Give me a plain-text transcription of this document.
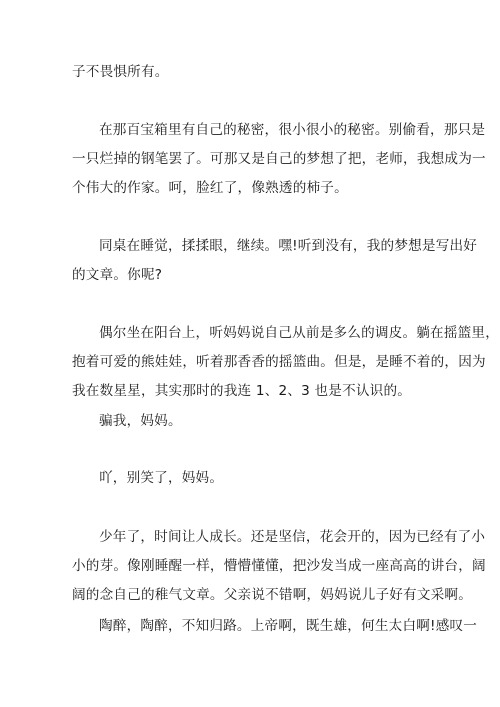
子不畏惧所有。

在那百宝箱里有自己的秘密，很小很小的秘密。别偷看，那只是
一只烂掉的钢笔罢了。可那又是自己的梦想了把，老师，我想成为一
个伟大的作家。呵，脸红了，像熟透的柿子。

同桌在睡觉，揉揉眼，继续。嘿!听到没有，我的梦想是写出好
的文章。你呢?

偶尔坐在阳台上，听妈妈说自己从前是多么的调皮。躺在摇篮里，
抱着可爱的熊娃娃，听着那香香的摇篮曲。但是，是睡不着的，因为
我在数星星，其实那时的我连 1、2、3 也是不认识的。

骗我，妈妈。

吖，别笑了，妈妈。

少年了，时间让人成长。还是坚信，花会开的，因为已经有了小
小的芽。像刚睡醒一样，懵懵懂懂，把沙发当成一座高高的讲台，阔
阔的念自己的稚气文章。父亲说不错啊，妈妈说儿子好有文采啊。

陶醉，陶醉，不知归路。上帝啊，既生雄，何生太白啊!感叹一
